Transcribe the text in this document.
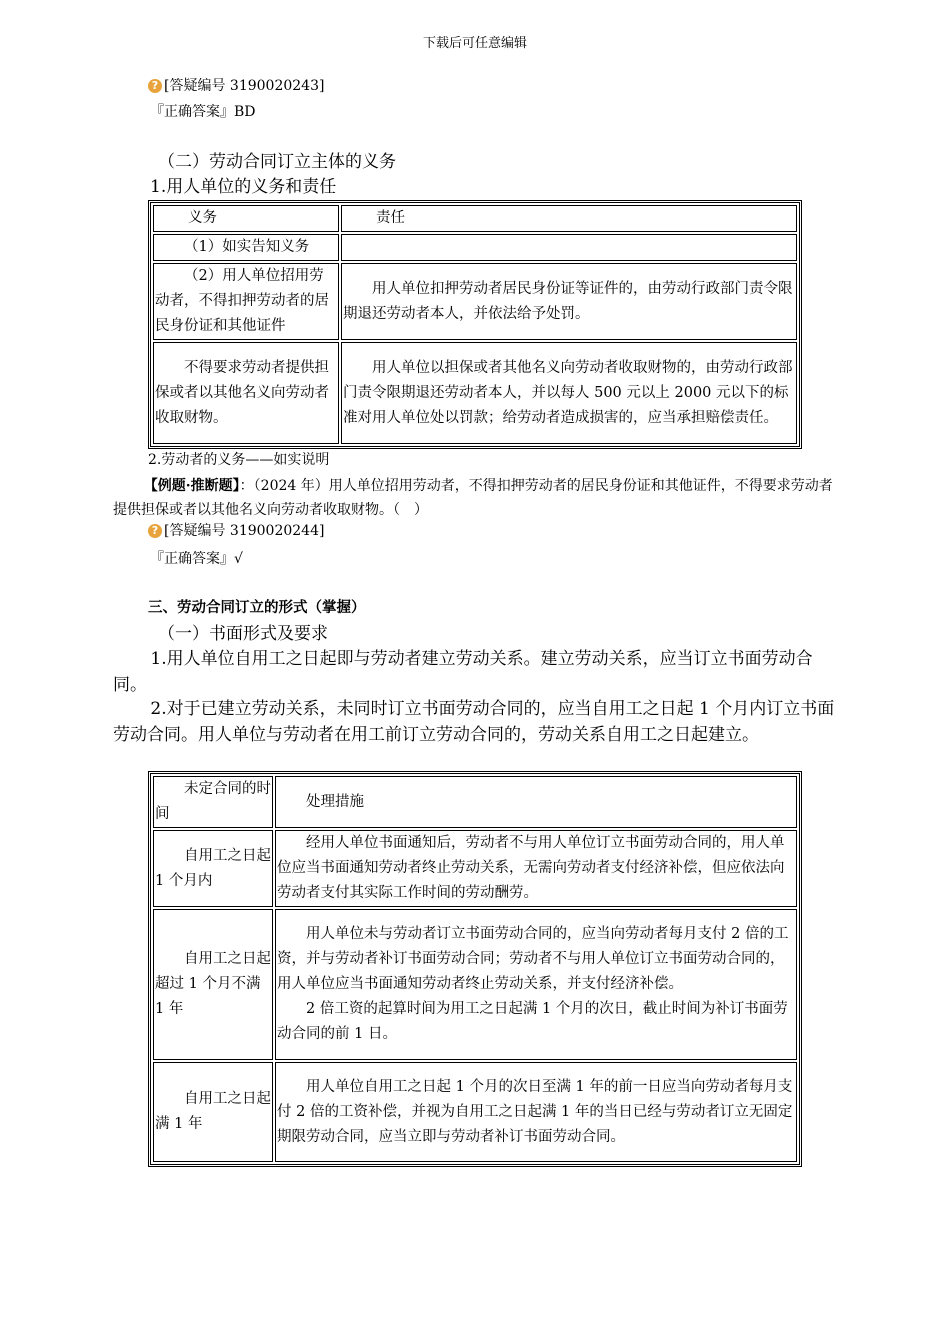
下载后可任意编辑
? [答疑编号 3190020243]
『正确答案』BD
（二）劳动合同订立主体的义务
1.用人单位的义务和责任
义务	责任
（1）如实告知义务	
（2）用人单位招用劳动者，不得扣押劳动者的居民身份证和其他证件	用人单位扣押劳动者居民身份证等证件的，由劳动行政部门责令限期退还劳动者本人，并依法给予处罚。
不得要求劳动者提供担保或者以其他名义向劳动者收取财物。	用人单位以担保或者其他名义向劳动者收取财物的，由劳动行政部门责令限期退还劳动者本人，并以每人 500 元以上 2000 元以下的标准对用人单位处以罚款；给劳动者造成损害的，应当承担赔偿责任。
2.劳动者的义务——如实说明
【例题·推断题】：（2024 年）用人单位招用劳动者，不得扣押劳动者的居民身份证和其他证件，不得要求劳动者提供担保或者以其他名义向劳动者收取财物。（　）
? [答疑编号 3190020244]
『正确答案』√
三、劳动合同订立的形式（掌握）
（一）书面形式及要求
1.用人单位自用工之日起即与劳动者建立劳动关系。建立劳动关系，应当订立书面劳动合同。
2.对于已建立劳动关系，未同时订立书面劳动合同的，应当自用工之日起 1 个月内订立书面劳动合同。用人单位与劳动者在用工前订立劳动合同的，劳动关系自用工之日起建立。
未定合同的时间	处理措施
自用工之日起 1 个月内	经用人单位书面通知后，劳动者不与用人单位订立书面劳动合同的，用人单位应当书面通知劳动者终止劳动关系，无需向劳动者支付经济补偿，但应依法向劳动者支付其实际工作时间的劳动酬劳。
自用工之日起超过 1 个月不满 1 年	用人单位未与劳动者订立书面劳动合同的，应当向劳动者每月支付 2 倍的工资，并与劳动者补订书面劳动合同；劳动者不与用人单位订立书面劳动合同的，用人单位应当书面通知劳动者终止劳动关系，并支付经济补偿。
2 倍工资的起算时间为用工之日起满 1 个月的次日，截止时间为补订书面劳动合同的前 1 日。

自用工之日起满 1 年	用人单位自用工之日起 1 个月的次日至满 1 年的前一日应当向劳动者每月支付 2 倍的工资补偿，并视为自用工之日起满 1 年的当日已经与劳动者订立无固定期限劳动合同，应当立即与劳动者补订书面劳动合同。
